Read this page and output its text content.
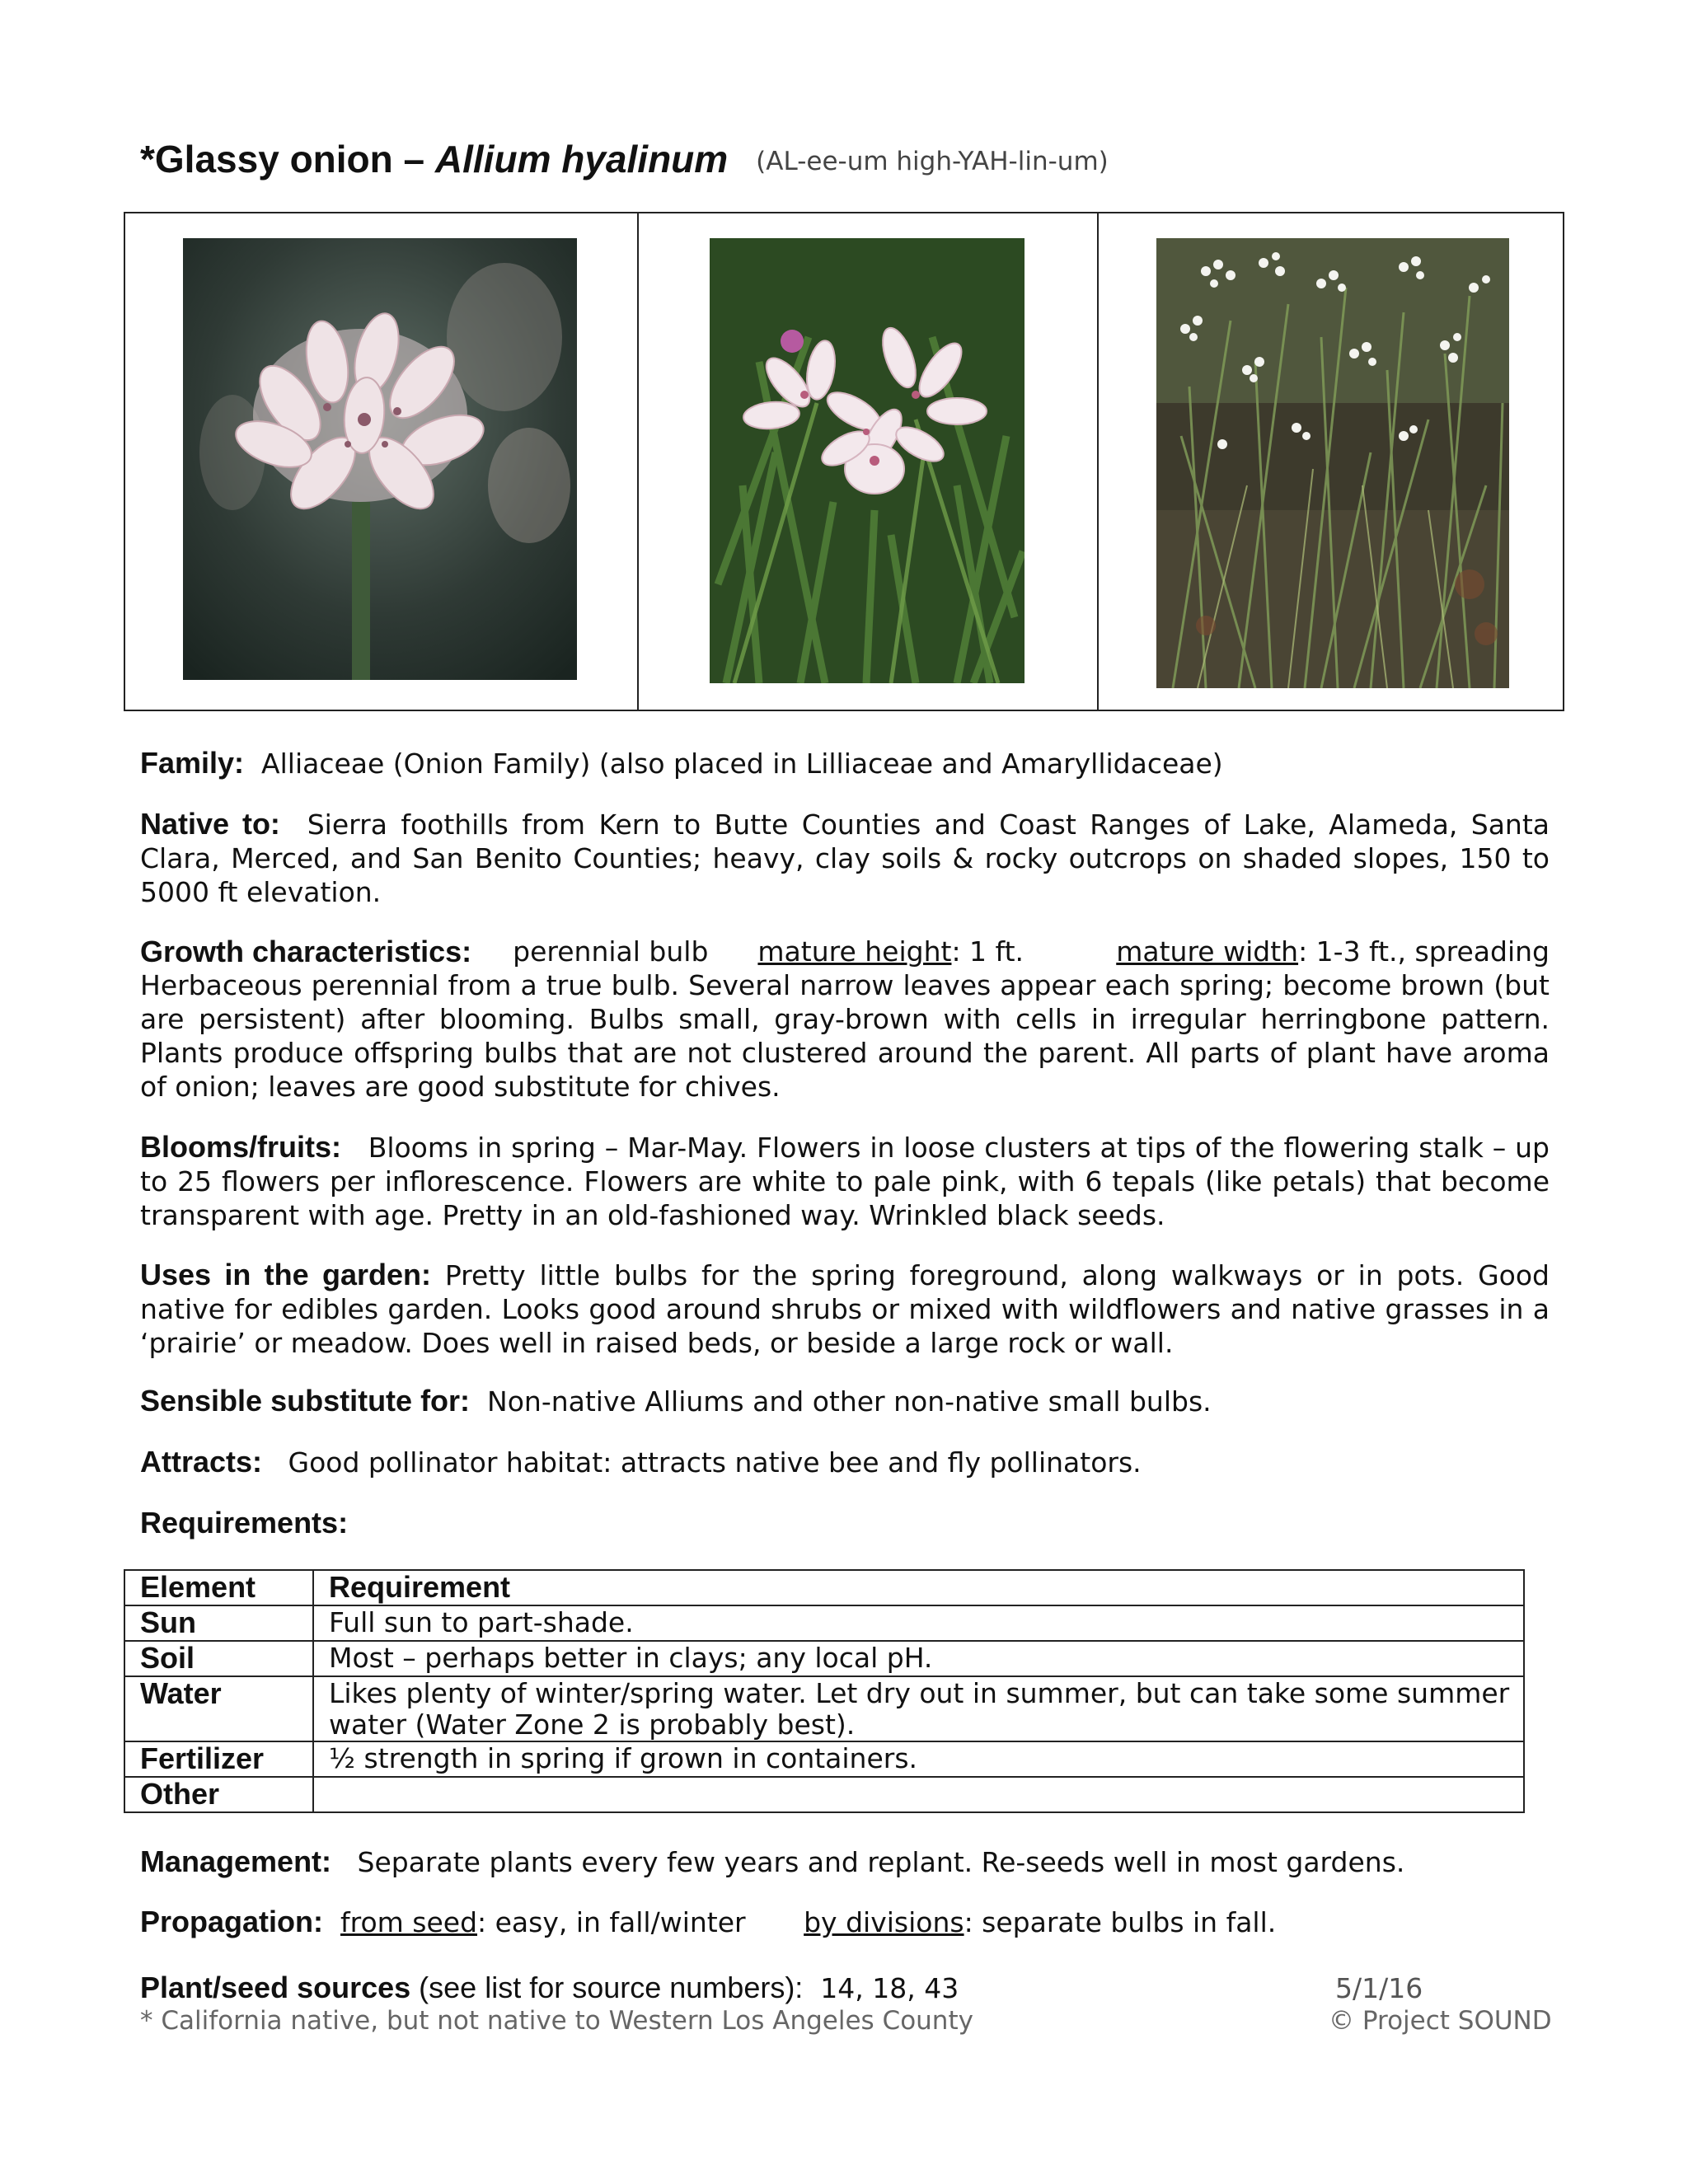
*Glassy onion – Allium hyalinum (AL-ee-um high-YAH-lin-um)
Family: Alliaceae (Onion Family) (also placed in Lilliaceae and Amaryllidaceae)
Native to: Sierra foothills from Kern to Butte Counties and Coast Ranges of Lake, Alameda, Santa Clara, Merced, and San Benito Counties; heavy, clay soils & rocky outcrops on shaded slopes, 150 to 5000 ft elevation.
Growth characteristics: perennial bulb mature height: 1 ft.	mature width: 1-3 ft., spreading
Herbaceous perennial from a true bulb. Several narrow leaves appear each spring; become brown (but are persistent) after blooming. Bulbs small, gray-brown with cells in irregular herringbone pattern. Plants produce offspring bulbs that are not clustered around the parent. All parts of plant have aroma of onion; leaves are good substitute for chives.
Blooms/fruits: Blooms in spring – Mar-May. Flowers in loose clusters at tips of the flowering stalk – up to 25 flowers per inflorescence. Flowers are white to pale pink, with 6 tepals (like petals) that become transparent with age. Pretty in an old-fashioned way. Wrinkled black seeds.
Uses in the garden: Pretty little bulbs for the spring foreground, along walkways or in pots. Good native for edibles garden. Looks good around shrubs or mixed with wildflowers and native grasses in a ‘prairie’ or meadow. Does well in raised beds, or beside a large rock or wall.
Sensible substitute for: Non-native Alliums and other non-native small bulbs.
Attracts: Good pollinator habitat: attracts native bee and fly pollinators.
Requirements:
Element	Requirement
Sun	Full sun to part-shade.
Soil	Most – perhaps better in clays; any local pH.
Water	Likes plenty of winter/spring water. Let dry out in summer, but can take some summer water (Water Zone 2 is probably best).
Fertilizer	½ strength in spring if grown in containers.
Other	
Management: Separate plants every few years and replant. Re-seeds well in most gardens.
Propagation: from seed: easy, in fall/winter by divisions: separate bulbs in fall.
Plant/seed sources (see list for source numbers): 14, 18, 43	5/1/16
* California native, but not native to Western Los Angeles County	© Project SOUND
